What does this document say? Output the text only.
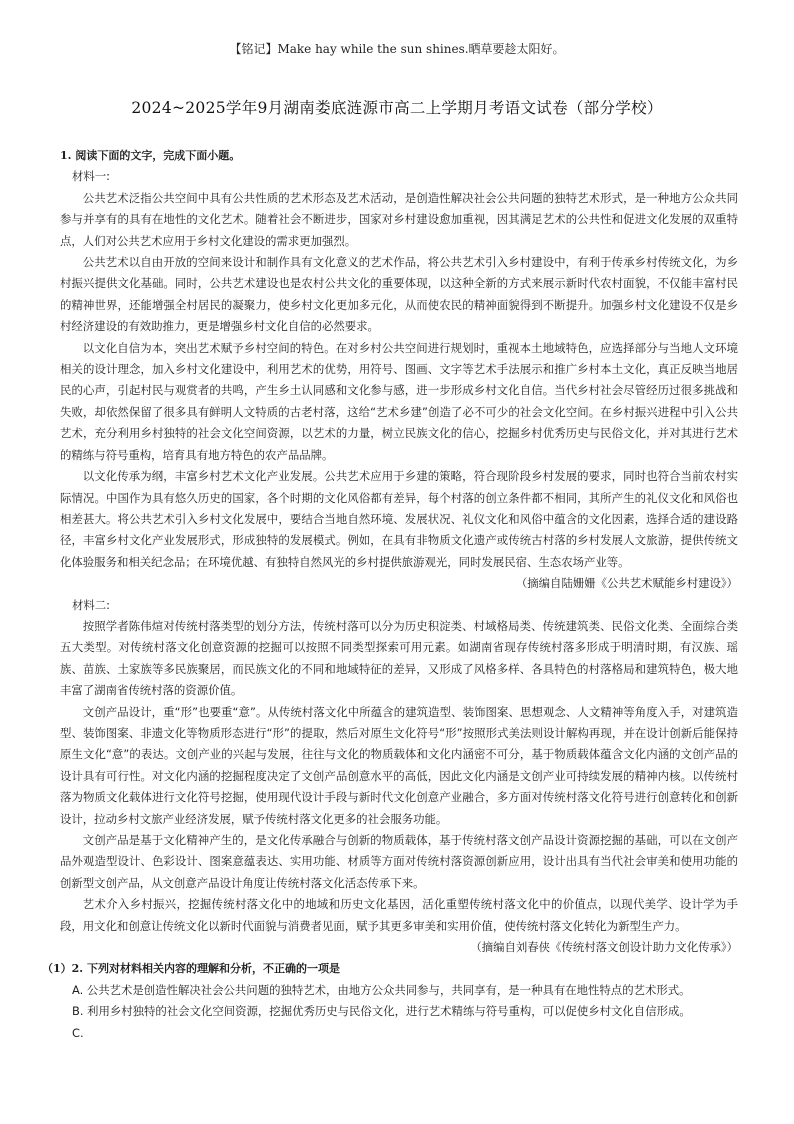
【铭记】Make hay while the sun shines.晒草要趁太阳好。
2024~2025学年9月湖南娄底涟源市高二上学期月考语文试卷（部分学校）

1. 阅读下面的文字，完成下面小题。

材料一:

公共艺术泛指公共空间中具有公共性质的艺术形态及艺术活动，是创造性解决社会公共问题的独特艺术形式，是一种地方公众共同参与并享有的具有在地性的文化艺术。随着社会不断进步，国家对乡村建设愈加重视，因其满足艺术的公共性和促进文化发展的双重特点，人们对公共艺术应用于乡村文化建设的需求更加强烈。

公共艺术以自由开放的空间来设计和制作具有文化意义的艺术作品，将公共艺术引入乡村建设中，有利于传承乡村传统文化，为乡村振兴提供文化基础。同时，公共艺术建设也是农村公共文化的重要体现，以这种全新的方式来展示新时代农村面貌，不仅能丰富村民的精神世界，还能增强全村居民的凝聚力，使乡村文化更加多元化，从而使农民的精神面貌得到不断提升。加强乡村文化建设不仅是乡村经济建设的有效助推力，更是增强乡村文化自信的必然要求。

以文化自信为本，突出艺术赋予乡村空间的特色。在对乡村公共空间进行规划时，重视本土地域特色，应选择部分与当地人文环境相关的设计理念，加入乡村文化建设中，利用艺术的优势，用符号、图画、文字等艺术手法展示和推广乡村本土文化，真正反映当地居民的心声，引起村民与观赏者的共鸣，产生乡土认同感和文化参与感，进一步形成乡村文化自信。当代乡村社会尽管经历过很多挑战和失败，却依然保留了很多具有鲜明人文特质的古老村落，这给“艺术乡建”创造了必不可少的社会文化空间。在乡村振兴进程中引入公共艺术，充分利用乡村独特的社会文化空间资源，以艺术的力量，树立民族文化的信心，挖掘乡村优秀历史与民俗文化，并对其进行艺术的精练与符号重构，培育具有地方特色的农产品品牌。

以文化传承为纲，丰富乡村艺术文化产业发展。公共艺术应用于乡建的策略，符合现阶段乡村发展的要求，同时也符合当前农村实际情况。中国作为具有悠久历史的国家，各个时期的文化风俗都有差异，每个村落的创立条件都不相同，其所产生的礼仪文化和风俗也相差甚大。将公共艺术引入乡村文化发展中，要结合当地自然环境、发展状况、礼仪文化和风俗中蕴含的文化因素，选择合适的建设路径，丰富乡村文化产业发展形式，形成独特的发展模式。例如，在具有非物质文化遗产或传统古村落的乡村发展人文旅游，提供传统文化体验服务和相关纪念品；在环境优越、有独特自然风光的乡村提供旅游观光，同时发展民宿、生态农场产业等。

（摘编自陆姗姗《公共艺术赋能乡村建设》）

材料二:

按照学者陈伟煊对传统村落类型的划分方法，传统村落可以分为历史积淀类、村域格局类、传统建筑类、民俗文化类、全面综合类五大类型。对传统村落文化创意资源的挖掘可以按照不同类型探索可用元素。如湖南省现存传统村落多形成于明清时期，有汉族、瑶族、苗族、土家族等多民族聚居，而民族文化的不同和地域特征的差异，又形成了风格多样、各具特色的村落格局和建筑特色，极大地丰富了湖南省传统村落的资源价值。

文创产品设计，重“形”也要重“意”。从传统村落文化中所蕴含的建筑造型、装饰图案、思想观念、人文精神等角度入手，对建筑造型、装饰图案、非遗文化等物质形态进行“形”的提取，然后对原生文化符号“形”按照形式美法则设计解构再现，并在设计创新后能保持原生文化“意”的表达。文创产业的兴起与发展，往往与文化的物质载体和文化内涵密不可分，基于物质载体蕴含文化内涵的文创产品的设计具有可行性。对文化内涵的挖掘程度决定了文创产品创意水平的高低，因此文化内涵是文创产业可持续发展的精神内核。以传统村落为物质文化载体进行文化符号挖掘，使用现代设计手段与新时代文化创意产业融合，多方面对传统村落文化符号进行创意转化和创新设计，拉动乡村文旅产业经济发展，赋予传统村落文化更多的社会服务功能。

文创产品是基于文化精神产生的，是文化传承融合与创新的物质载体，基于传统村落文创产品设计资源挖掘的基础，可以在文创产品外观造型设计、色彩设计、图案意蕴表达、实用功能、材质等方面对传统村落资源创新应用，设计出具有当代社会审美和使用功能的创新型文创产品，从文创意产品设计角度让传统村落文化活态传承下来。

艺术介入乡村振兴，挖掘传统村落文化中的地域和历史文化基因，活化重塑传统村落文化中的价值点，以现代美学、设计学为手段，用文化和创意让传统文化以新时代面貌与消费者见面，赋予其更多审美和实用价值，使传统村落文化转化为新型生产力。

（摘编自刘春侠《传统村落文创设计助力文化传承》）

（1）2. 下列对材料相关内容的理解和分析，不正确的一项是

A. 公共艺术是创造性解决社会公共问题的独特艺术，由地方公众共同参与，共同享有，是一种具有在地性特点的艺术形式。

B. 利用乡村独特的社会文化空间资源，挖掘优秀历史与民俗文化，进行艺术精练与符号重构，可以促使乡村文化自信形成。

C.
